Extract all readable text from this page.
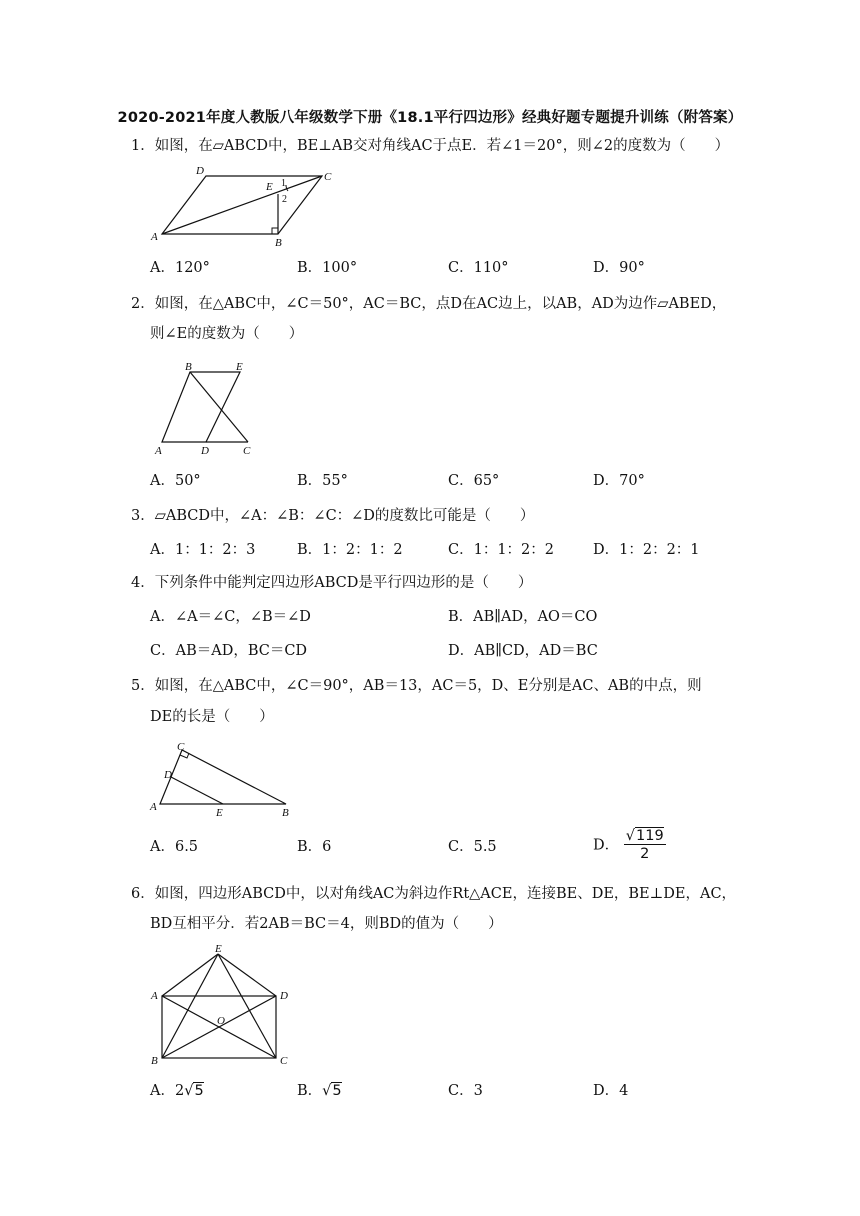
2020-2021年度人教版八年级数学下册《18.1平行四边形》经典好题专题提升训练（附答案）
1．如图，在▱ABCD中，BE⊥AB交对角线AC于点E．若∠1＝20°，则∠2的度数为（　　）
D
E 1
C
2
A	B
A．120°	B．100°	C．110°	D．90°
2．如图，在△ABC中，∠C＝50°，AC＝BC，点D在AC边上，以AB，AD为边作▱ABED，
则∠E的度数为（　　）
B	E
A	D	C
A．50°	B．55°	C．65°	D．70°
3．▱ABCD中，∠A：∠B：∠C：∠D的度数比可能是（　　）
A．1：1：2：3	B．1：2：1：2	C．1：1：2：2	D．1：2：2：1
4．下列条件中能判定四边形ABCD是平行四边形的是（　　）
A．∠A＝∠C，∠B＝∠D	B．AB∥AD，AO＝CO
C．AB＝AD，BC＝CD	D．AB∥CD，AD＝BC
5．如图，在△ABC中，∠C＝90°，AB＝13，AC＝5，D、E分别是AC、AB的中点，则
DE的长是（　　）
C
D
A	E	B
A．6.5	B．6	C．5.5	D． $\frac{√119}{2}$
6．如图，四边形ABCD中，以对角线AC为斜边作Rt△ACE，连接BE、DE，BE⊥DE，AC，
BD互相平分．若2AB＝BC＝4，则BD的值为（　　）
E
A	D
O
B	C
A．2√5	B．√5	C．3	D．4
